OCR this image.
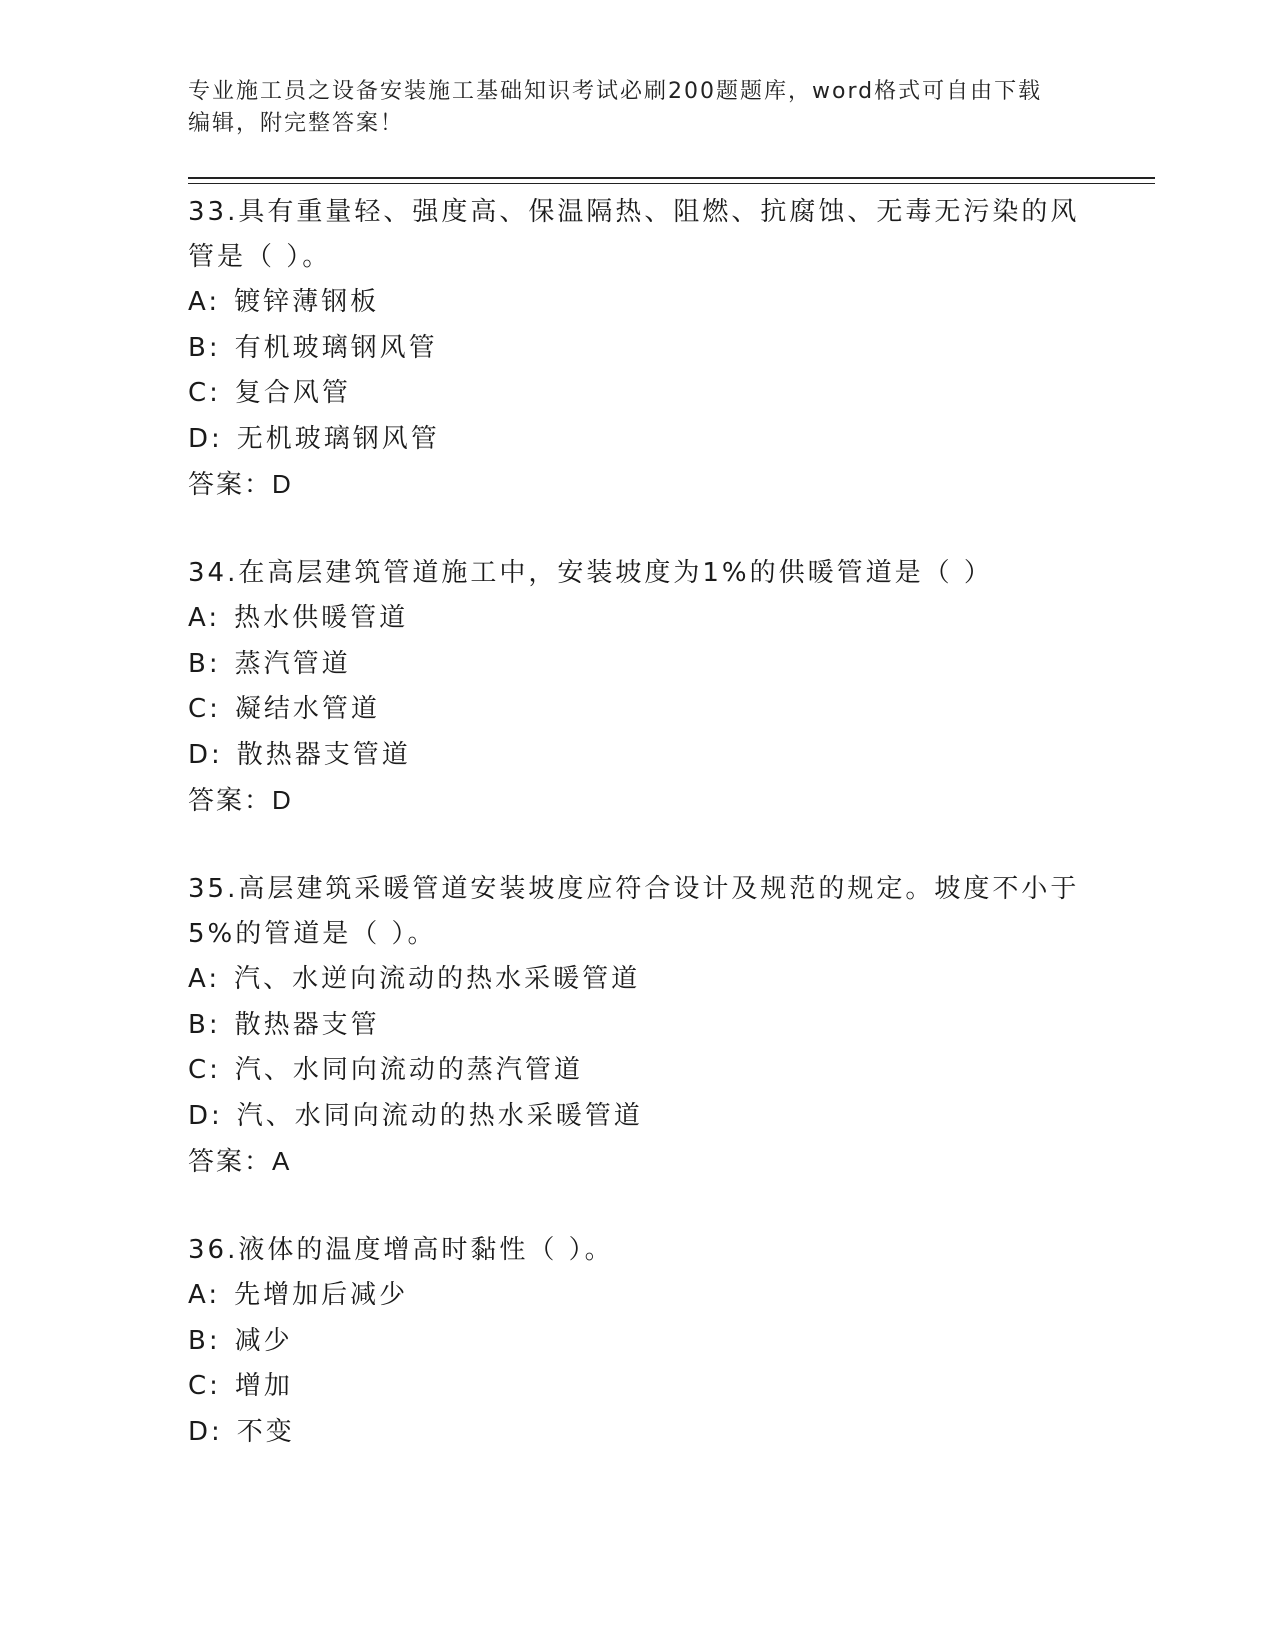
专业施工员之设备安装施工基础知识考试必刷200题题库，word格式可自由下载
编辑，附完整答案！
33.具有重量轻、强度高、保温隔热、阻燃、抗腐蚀、无毒无污染的风
管是（ ）。
A: 镀锌薄钢板
B: 有机玻璃钢风管
C: 复合风管
D: 无机玻璃钢风管
答案：D
34.在高层建筑管道施工中，安装坡度为1%的供暖管道是（ ）
A: 热水供暖管道
B: 蒸汽管道
C: 凝结水管道
D: 散热器支管道
答案：D
35.高层建筑采暖管道安装坡度应符合设计及规范的规定。坡度不小于
5%的管道是（ ）。
A: 汽、水逆向流动的热水采暖管道
B: 散热器支管
C: 汽、水同向流动的蒸汽管道
D: 汽、水同向流动的热水采暖管道
答案：A
36.液体的温度增高时黏性（ ）。
A: 先增加后减少
B: 减少
C: 增加
D: 不变
